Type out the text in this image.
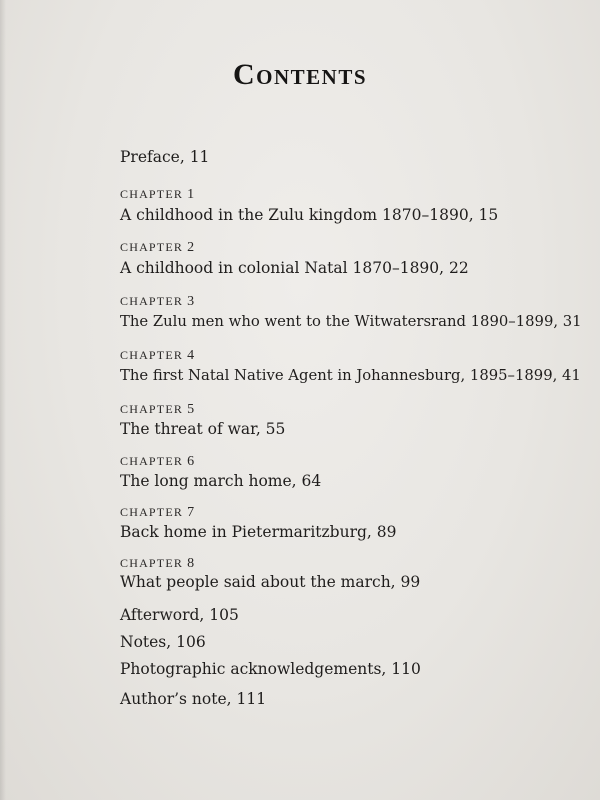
Contents
Preface, 11
CHAPTER 1
A childhood in the Zulu kingdom 1870–1890, 15
CHAPTER 2
A childhood in colonial Natal 1870–1890, 22
CHAPTER 3
The Zulu men who went to the Witwatersrand 1890–1899, 31
CHAPTER 4
The first Natal Native Agent in Johannesburg, 1895–1899, 41
CHAPTER 5
The threat of war, 55
CHAPTER 6
The long march home, 64
CHAPTER 7
Back home in Pietermaritzburg, 89
CHAPTER 8
What people said about the march, 99
Afterword, 105
Notes, 106
Photographic acknowledgements, 110
Author’s note, 111
